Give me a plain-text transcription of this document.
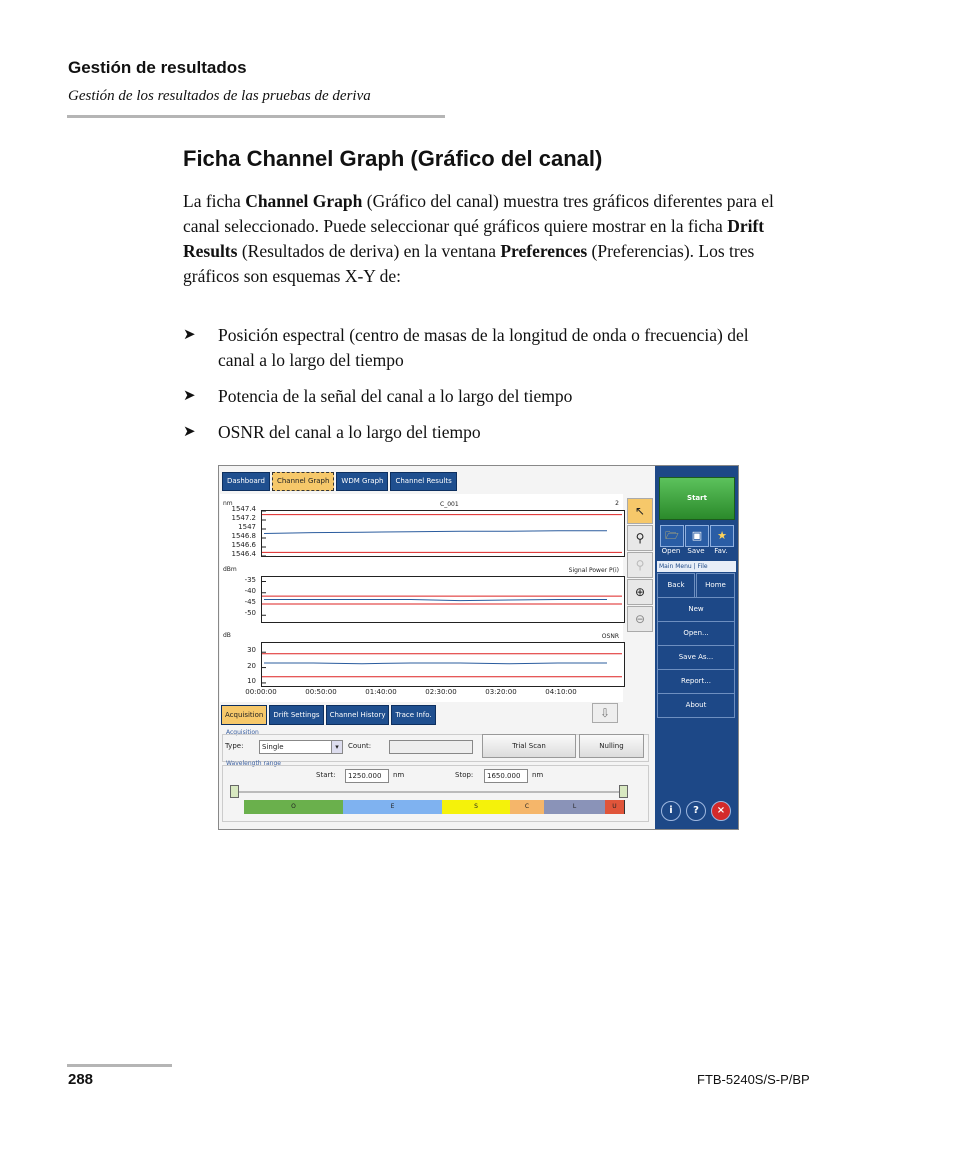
Gestión de resultados
Gestión de los resultados de las pruebas de deriva
Ficha Channel Graph (Gráfico del canal)
La ficha Channel Graph (Gráfico del canal) muestra tres gráficos diferentes para el canal seleccionado. Puede seleccionar qué gráficos quiere mostrar en la ficha Drift Results (Resultados de deriva) en la ventana Preferences (Preferencias). Los tres gráficos son esquemas X-Y de:
➤ Posición espectral (centro de masas de la longitud de onda o frecuencia) del canal a lo largo del tiempo
➤ Potencia de la señal del canal a lo largo del tiempo
➤ OSNR del canal a lo largo del tiempo
Dashboard	Channel Graph	WDM Graph	Channel Results
nm	C_001	2
1547.4
1547.2
1547
1546.8
1546.6
1546.4
dBm	Signal Power P(i)
-35
-40
-45
-50
dB	OSNR
30
20
10
00:00:00	00:50:00	01:40:00	02:30:00	03:20:00	04:10:00
↖
⚲
⚲
⊕
⊖
⇩
Acquisition	Drift Settings	Channel History	Trace Info.
Acquisition
Type:	Single	▾	Count:	Trial Scan	Nulling
Wavelength range
Start:	1250.000	nm	Stop:	1650.000	nm
O	E	S	C	L	U
Start
🗁	▣	★
Open	Save	Fav.
Main Menu | File
Back	Home
New
Open...
Save As...
Report...
About
i	?	×
288	FTB-5240S/S-P/BP
